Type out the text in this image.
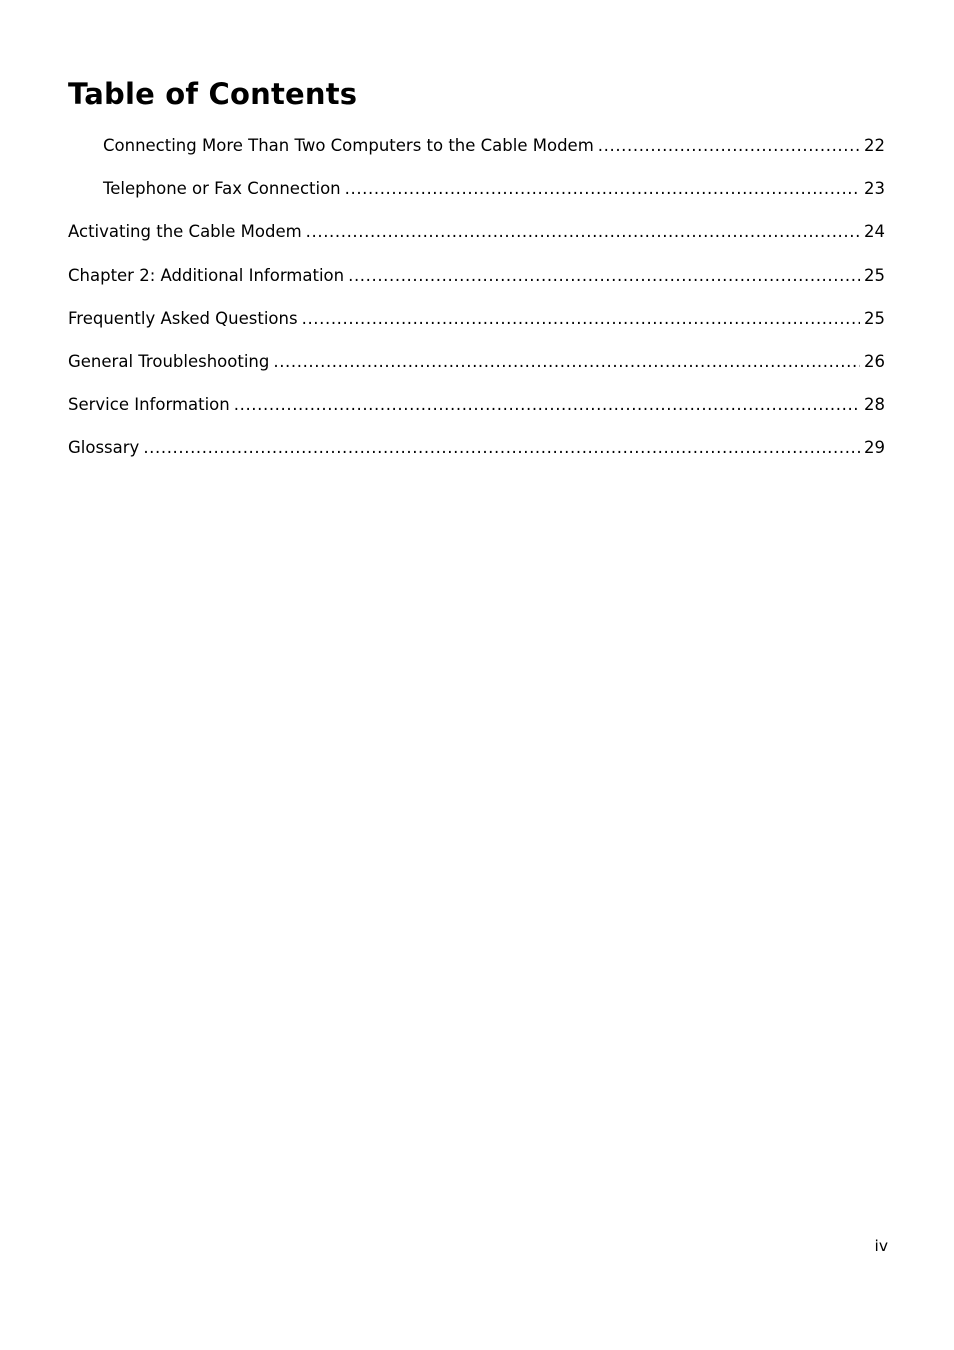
Table of Contents
Connecting More Than Two Computers to the Cable Modem .....	22
Telephone or Fax Connection .....	23
Activating the Cable Modem .....	24
Chapter 2: Additional Information .....	25
Frequently Asked Questions .....	25
General Troubleshooting .....	26
Service Information .....	28
Glossary .....	29
iv
